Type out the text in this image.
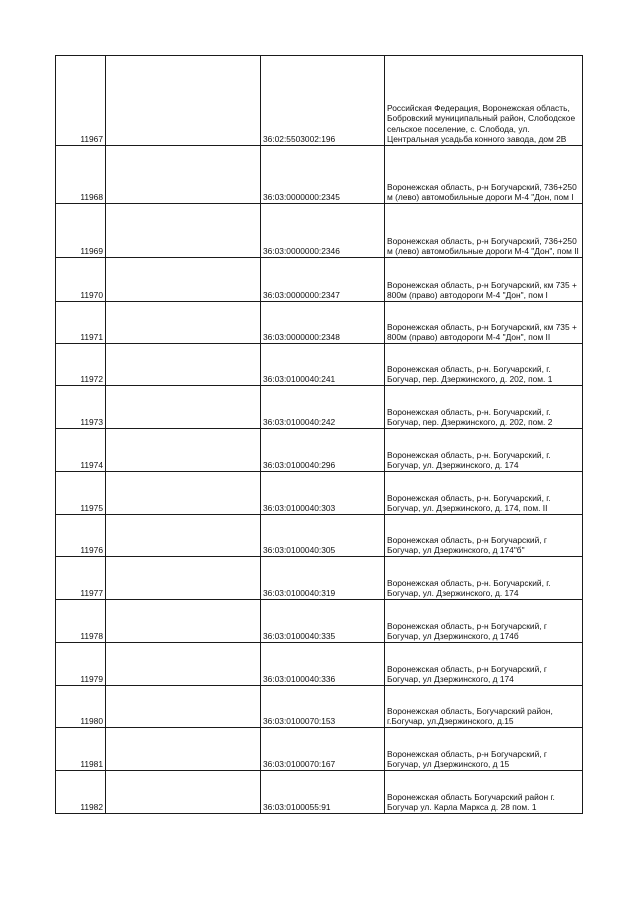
11967		36:02:5503002:196	Российская Федерация, Воронежская область, Бобровский муниципальный район, Слободское сельское поселение, с. Слобода, ул. Центральная усадьба конного завода, дом 2В
11968		36:03:0000000:2345	Воронежская область, р-н Богучарский, 736+250 м (лево) автомобильные дороги М-4 "Дон, пом I
11969		36:03:0000000:2346	Воронежская область, р-н Богучарский, 736+250 м (лево) автомобильные дороги М-4 "Дон", пом II
11970		36:03:0000000:2347	Воронежская область, р-н Богучарский, км 735 + 800м (право) автодороги М-4 "Дон", пом I
11971		36:03:0000000:2348	Воронежская область, р-н Богучарский, км 735 + 800м (право) автодороги М-4 "Дон", пом II
11972		36:03:0100040:241	Воронежская область, р-н. Богучарский, г. Богучар, пер. Дзержинского, д. 202, пом. 1
11973		36:03:0100040:242	Воронежская область, р-н. Богучарский, г. Богучар, пер. Дзержинского, д. 202, пом. 2
11974		36:03:0100040:296	Воронежская область, р-н. Богучарский, г. Богучар, ул. Дзержинского, д. 174
11975		36:03:0100040:303	Воронежская область, р-н. Богучарский, г. Богучар, ул. Дзержинского, д. 174, пом. II
11976		36:03:0100040:305	Воронежская область, р-н Богучарский, г Богучар, ул Дзержинского, д 174"б"
11977		36:03:0100040:319	Воронежская область, р-н. Богучарский, г. Богучар, ул. Дзержинского, д. 174
11978		36:03:0100040:335	Воронежская область, р-н Богучарский, г Богучар, ул Дзержинского, д 174б
11979		36:03:0100040:336	Воронежская область, р-н Богучарский, г Богучар, ул Дзержинского, д 174
11980		36:03:0100070:153	Воронежская область, Богучарский район, г.Богучар, ул.Дзержинского, д.15
11981		36:03:0100070:167	Воронежская область, р-н Богучарский, г Богучар, ул Дзержинского, д 15
11982		36:03:0100055:91	Воронежская область Богучарский район г. Богучар ул. Карла Маркса д. 28 пом. 1
